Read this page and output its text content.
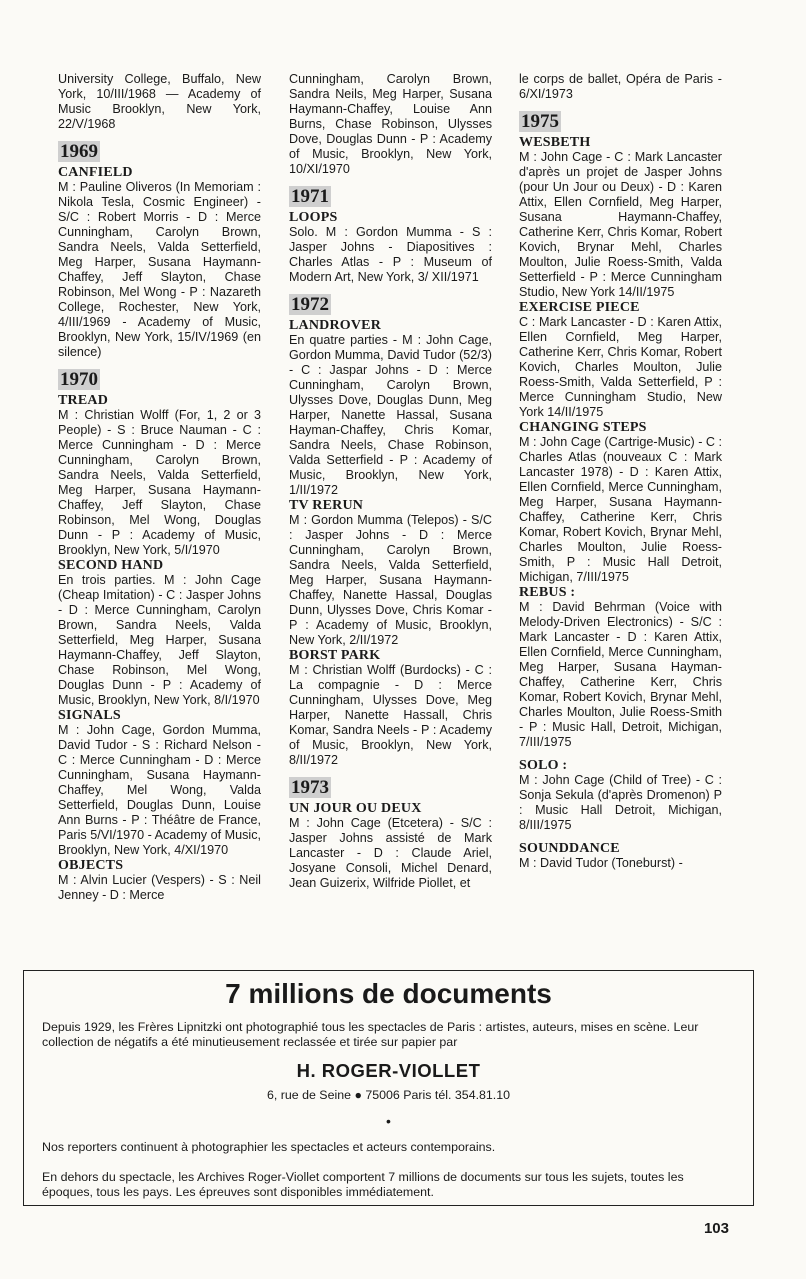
University College, Buffalo, New York, 10/III/1968 — Academy of Music Brooklyn, New York, 22/V/1968
1969
CANFIELD
M : Pauline Oliveros (In Memoriam : Nikola Tesla, Cosmic Engineer) - S/C : Robert Morris - D : Merce Cunningham, Carolyn Brown, Sandra Neels, Valda Setterfield, Meg Harper, Susana Haymann-Chaffey, Jeff Slayton, Chase Robinson, Mel Wong - P : Nazareth College, Rochester, New York, 4/III/1969 - Academy of Music, Brooklyn, New York, 15/IV/1969 (en silence)
1970
TREAD
M : Christian Wolff (For, 1, 2 or 3 People) - S : Bruce Nauman - C : Merce Cunningham - D : Merce Cunningham, Carolyn Brown, Sandra Neels, Valda Setterfield, Meg Harper, Susana Haymann-Chaffey, Jeff Slayton, Chase Robinson, Mel Wong, Douglas Dunn - P : Academy of Music, Brooklyn, New York, 5/I/1970
SECOND HAND
En trois parties. M : John Cage (Cheap Imitation) - C : Jasper Johns - D : Merce Cunningham, Carolyn Brown, Sandra Neels, Valda Setterfield, Meg Harper, Susana Haymann-Chaffey, Jeff Slayton, Chase Robinson, Mel Wong, Douglas Dunn - P : Academy of Music, Brooklyn, New York, 8/I/1970
SIGNALS
M : John Cage, Gordon Mumma, David Tudor - S : Richard Nelson - C : Merce Cunningham - D : Merce Cunningham, Susana Haymann-Chaffey, Mel Wong, Valda Setterfield, Douglas Dunn, Louise Ann Burns - P : Théâtre de France, Paris 5/VI/1970 - Academy of Music, Brooklyn, New York, 4/XI/1970
OBJECTS
M : Alvin Lucier (Vespers) - S : Neil Jenney - D : Merce
Cunningham, Carolyn Brown, Sandra Neils, Meg Harper, Susana Haymann-Chaffey, Louise Ann Burns, Chase Robinson, Ulysses Dove, Douglas Dunn - P : Academy of Music, Brooklyn, New York, 10/XI/1970
1971
LOOPS
Solo. M : Gordon Mumma - S : Jasper Johns - Diapositives : Charles Atlas - P : Museum of Modern Art, New York, 3/ XII/1971
1972
LANDROVER
En quatre parties - M : John Cage, Gordon Mumma, David Tudor (52/3) - C : Jaspar Johns - D : Merce Cunningham, Carolyn Brown, Ulysses Dove, Douglas Dunn, Meg Harper, Nanette Hassal, Susana Hayman-Chaffey, Chris Komar, Sandra Neels, Chase Robinson, Valda Setterfield - P : Academy of Music, Brooklyn, New York, 1/II/1972
TV RERUN
M : Gordon Mumma (Telepos) - S/C : Jasper Johns - D : Merce Cunningham, Carolyn Brown, Sandra Neels, Valda Setterfield, Meg Harper, Susana Haymann-Chaffey, Nanette Hassal, Douglas Dunn, Ulysses Dove, Chris Komar - P : Academy of Music, Brooklyn, New York, 2/II/1972
BORST PARK
M : Christian Wolff (Burdocks) - C : La compagnie - D : Merce Cunningham, Ulysses Dove, Meg Harper, Nanette Hassall, Chris Komar, Sandra Neels - P : Academy of Music, Brooklyn, New York, 8/II/1972
1973
UN JOUR OU DEUX
M : John Cage (Etcetera) - S/C : Jasper Johns assisté de Mark Lancaster - D : Claude Ariel, Josyane Consoli, Michel Denard, Jean Guizerix, Wilfride Piollet, et
le corps de ballet, Opéra de Paris - 6/XI/1973
1975
WESBETH
M : John Cage - C : Mark Lancaster d'après un projet de Jasper Johns (pour Un Jour ou Deux) - D : Karen Attix, Ellen Cornfield, Meg Harper, Susana Haymann-Chaffey, Catherine Kerr, Chris Komar, Robert Kovich, Brynar Mehl, Charles Moulton, Julie Roess-Smith, Valda Setterfield - P : Merce Cunningham Studio, New York 14/II/1975
EXERCISE PIECE
C : Mark Lancaster - D : Karen Attix, Ellen Cornfield, Meg Harper, Catherine Kerr, Chris Komar, Robert Kovich, Charles Moulton, Julie Roess-Smith, Valda Setterfield, P : Merce Cunningham Studio, New York 14/II/1975
CHANGING STEPS
M : John Cage (Cartrige-Music) - C : Charles Atlas (nouveaux C : Mark Lancaster 1978) - D : Karen Attix, Ellen Cornfield, Merce Cunningham, Meg Harper, Susana Haymann-Chaffey, Catherine Kerr, Chris Komar, Robert Kovich, Brynar Mehl, Charles Moulton, Julie Roess-Smith, P : Music Hall Detroit, Michigan, 7/III/1975
REBUS :
M : David Behrman (Voice with Melody-Driven Electronics) - S/C : Mark Lancaster - D : Karen Attix, Ellen Cornfield, Merce Cunningham, Meg Harper, Susana Hayman-Chaffey, Catherine Kerr, Chris Komar, Robert Kovich, Brynar Mehl, Charles Moulton, Julie Roess-Smith - P : Music Hall, Detroit, Michigan, 7/III/1975
SOLO :
M : John Cage (Child of Tree) - C : Sonja Sekula (d'après Dromenon) P : Music Hall Detroit, Michigan, 8/III/1975
SOUNDDANCE
M : David Tudor (Toneburst) -
7 millions de documents
Depuis 1929, les Frères Lipnitzki ont photographié tous les spectacles de Paris : artistes, auteurs, mises en scène. Leur collection de négatifs a été minutieusement reclassée et tirée sur papier par
H. ROGER-VIOLLET
6, rue de Seine ● 75006 Paris tél. 354.81.10
•
Nos reporters continuent à photographier les spectacles et acteurs contemporains.
En dehors du spectacle, les Archives Roger-Viollet comportent 7 millions de documents sur tous les sujets, toutes les époques, tous les pays. Les épreuves sont disponibles immédiatement.
103
